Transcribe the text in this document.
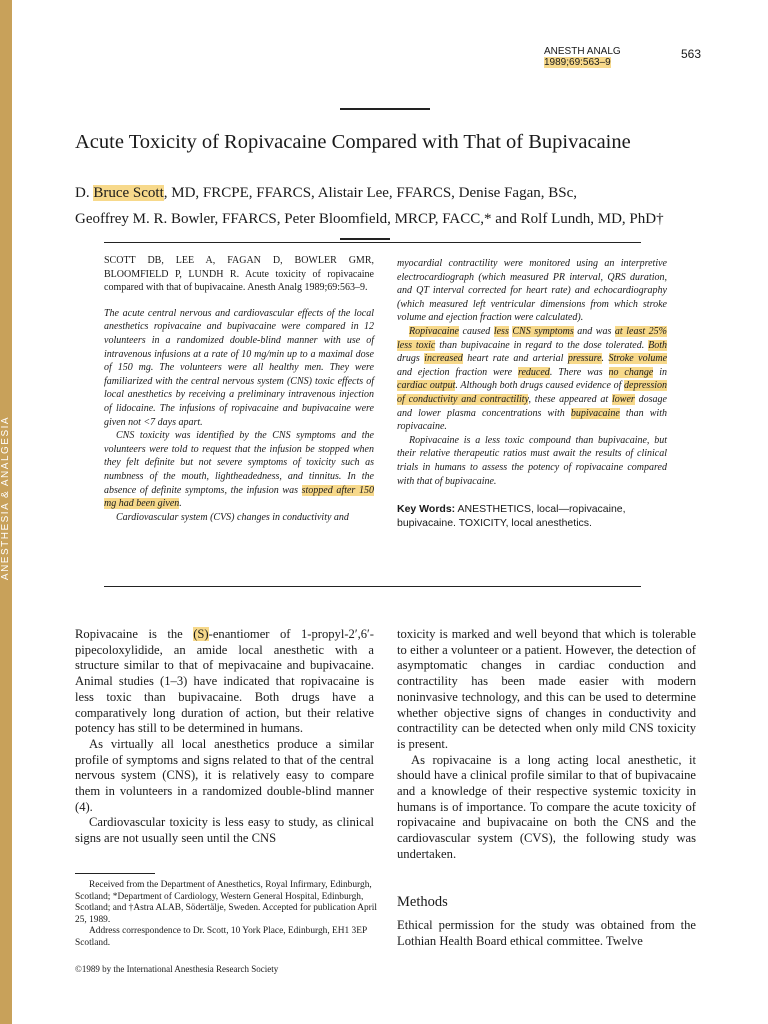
ANESTHESIA & ANALGESIA
ANESTH ANALG
1989;69:563–9
563
Acute Toxicity of Ropivacaine Compared with That of Bupivacaine
D. Bruce Scott, MD, FRCPE, FFARCS, Alistair Lee, FFARCS, Denise Fagan, BSc,
Geoffrey M. R. Bowler, FFARCS, Peter Bloomfield, MRCP, FACC,* and Rolf Lundh, MD, PhD†

SCOTT DB, LEE A, FAGAN D, BOWLER GMR, BLOOMFIELD P, LUNDH R. Acute toxicity of ropivacaine compared with that of bupivacaine. Anesth Analg 1989;69:563–9.

The acute central nervous and cardiovascular effects of the local anesthetics ropivacaine and bupivacaine were compared in 12 volunteers in a randomized double-blind manner with use of intravenous infusions at a rate of 10 mg/min up to a maximal dose of 150 mg. The volunteers were all healthy men. They were familiarized with the central nervous system (CNS) toxic effects of local anesthetics by receiving a preliminary intravenous injection of lidocaine. The infusions of ropivacaine and bupivacaine were given not <7 days apart.

CNS toxicity was identified by the CNS symptoms and the volunteers were told to request that the infusion be stopped when they felt definite but not severe symptoms of toxicity such as numbness of the mouth, lightheadedness, and tinnitus. In the absence of definite symptoms, the infusion was stopped after 150 mg had been given.

Cardiovascular system (CVS) changes in conductivity and

myocardial contractility were monitored using an interpretive electrocardiograph (which measured PR interval, QRS duration, and QT interval corrected for heart rate) and echocardiography (which measured left ventricular dimensions from which stroke volume and ejection fraction were calculated).

Ropivacaine caused less CNS symptoms and was at least 25% less toxic than bupivacaine in regard to the dose tolerated. Both drugs increased heart rate and arterial pressure. Stroke volume and ejection fraction were reduced. There was no change in cardiac output. Although both drugs caused evidence of depression of conductivity and contractility, these appeared at lower dosage and lower plasma concentrations with bupivacaine than with ropivacaine.

Ropivacaine is a less toxic compound than bupivacaine, but their relative therapeutic ratios must await the results of clinical trials in humans to assess the potency of ropivacaine compared with that of bupivacaine.

Key Words: ANESTHETICS, local—ropivacaine, bupivacaine. TOXICITY, local anesthetics.

Ropivacaine is the (S)-enantiomer of 1-propyl-2′,6′-pipecoloxylidide, an amide local anesthetic with a structure similar to that of mepivacaine and bupivacaine. Animal studies (1–3) have indicated that ropivacaine is less toxic than bupivacaine. Both drugs have a comparatively long duration of action, but their relative potency has still to be determined in humans.

As virtually all local anesthetics produce a similar profile of symptoms and signs related to that of the central nervous system (CNS), it is relatively easy to compare them in volunteers in a randomized double-blind manner (4).

Cardiovascular toxicity is less easy to study, as clinical signs are not usually seen until the CNS

toxicity is marked and well beyond that which is tolerable to either a volunteer or a patient. However, the detection of asymptomatic changes in cardiac conduction and contractility has been made easier with modern noninvasive technology, and this can be used to determine whether objective signs of changes in conductivity and contractility can be detected when only mild CNS toxicity is present.

As ropivacaine is a long acting local anesthetic, it should have a clinical profile similar to that of bupivacaine and a knowledge of their respective systemic toxicity in humans is of importance. To compare the acute toxicity of ropivacaine and bupivacaine on both the CNS and the cardiovascular system (CVS), the following study was undertaken.

Received from the Department of Anesthetics, Royal Infirmary, Edinburgh, Scotland; *Department of Cardiology, Western General Hospital, Edinburgh, Scotland; and †Astra ALAB, Södertälje, Sweden. Accepted for publication April 25, 1989.

Address correspondence to Dr. Scott, 10 York Place, Edinburgh, EH1 3EP Scotland.

©1989 by the International Anesthesia Research Society
Methods
Ethical permission for the study was obtained from the Lothian Health Board ethical committee. Twelve
